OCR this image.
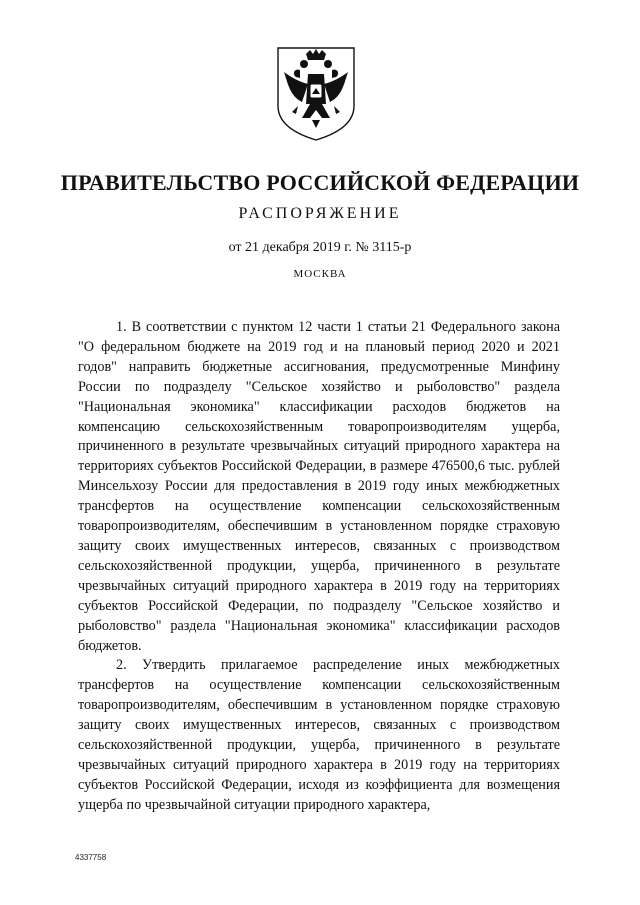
ПРАВИТЕЛЬСТВО РОССИЙСКОЙ ФЕДЕРАЦИИ
РАСПОРЯЖЕНИЕ
от 21 декабря 2019 г. № 3115-р
МОСКВА

1. В соответствии с пунктом 12 части 1 статьи 21 Федерального закона "О федеральном бюджете на 2019 год и на плановый период 2020 и 2021 годов" направить бюджетные ассигнования, предусмотренные Минфину России по подразделу "Сельское хозяйство и рыболовство" раздела "Национальная экономика" классификации расходов бюджетов на компенсацию сельскохозяйственным товаропроизводителям ущерба, причиненного в результате чрезвычайных ситуаций природного характера на территориях субъектов Российской Федерации, в размере 476500,6 тыс. рублей Минсельхозу России для предоставления в 2019 году иных межбюджетных трансфертов на осуществление компенсации сельскохозяйственным товаропроизводителям, обеспечившим в установленном порядке страховую защиту своих имущественных интересов, связанных с производством сельскохозяйственной продукции, ущерба, причиненного в результате чрезвычайных ситуаций природного характера в 2019 году на территориях субъектов Российской Федерации, по подразделу "Сельское хозяйство и рыболовство" раздела "Национальная экономика" классификации расходов бюджетов.

2. Утвердить прилагаемое распределение иных межбюджетных трансфертов на осуществление компенсации сельскохозяйственным товаропроизводителям, обеспечившим в установленном порядке страховую защиту своих имущественных интересов, связанных с производством сельскохозяйственной продукции, ущерба, причиненного в результате чрезвычайных ситуаций природного характера в 2019 году на территориях субъектов Российской Федерации, исходя из коэффициента для возмещения ущерба по чрезвычайной ситуации природного характера,

4337758
